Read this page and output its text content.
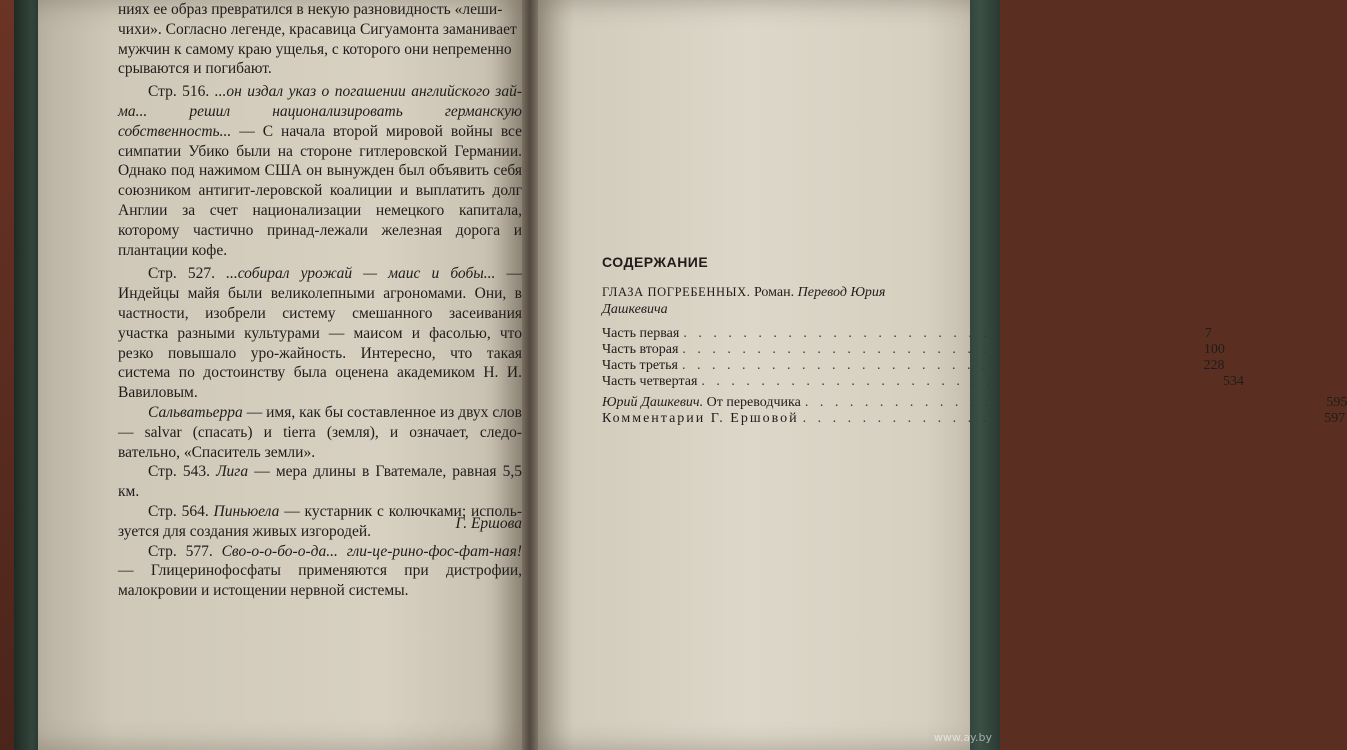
ниях ее образ превратился в некую разновидность «леши-

чихи». Согласно легенде, красавица Сигуамонта заманивает

мужчин к самому краю ущелья, с которого они непременно

срываются и погибают.

Стр. 516. ...он издал указ о погашении английского зай-ма... решил национализировать германскую собственность... — С начала второй мировой войны все симпатии Убико были на стороне гитлеровской Германии. Однако под нажимом США он вынужден был объявить себя союзником антигит-леровской коалиции и выплатить долг Англии за счет национализации немецкого капитала, которому частично принад-лежали железная дорога и плантации кофе.

Стр. 527. ...собирал урожай — маис и бобы... — Индейцы майя были великолепными агрономами. Они, в частности, изобрели систему смешанного засеивания участка разными культурами — маисом и фасолью, что резко повышало уро-жайность. Интересно, что такая система по достоинству была оценена академиком Н. И. Вавиловым.

Сальватьерра — имя, как бы составленное из двух слов — salvar (спасать) и tierra (земля), и означает, следо-вательно, «Спаситель земли».

Стр. 543. Лига — мера длины в Гватемале, равная 5,5 км.

Стр. 564. Пиньюела — кустарник с колючками; исполь-зуется для создания живых изгородей.

Стр. 577. Сво-о-о-бо-о-да... гли-це-рино-фос-фат-ная! — Глицеринофосфаты применяются при дистрофии, малокровии и истощении нервной системы.

Г. Ершова
СОДЕРЖАНИЕ
ГЛАЗА ПОГРЕБЕННЫХ. Роман. Перевод Юрия Дашкевича
Часть первая . . . . . . . . . . . . . . . . . . . . . . . . . . . . . . . . . . . 7
Часть вторая . . . . . . . . . . . . . . . . . . . . . . . . . . . . . . . . . . . 100
Часть третья . . . . . . . . . . . . . . . . . . . . . . . . . . . . . . . . . . . 228
Часть четвертая . . . . . . . . . . . . . . . . . . . . . . . . . . . . . . . . . . . 534
Юрий Дашкевич. От переводчика . . . . . . . . . . . . . . . . . . . . . . . . . . . . . . . . . . . 595
Комментарии Г. Ершовой . . . . . . . . . . . . . . . . . . . . . . . . . . . . . . . . . . . 597
www.ay.by
